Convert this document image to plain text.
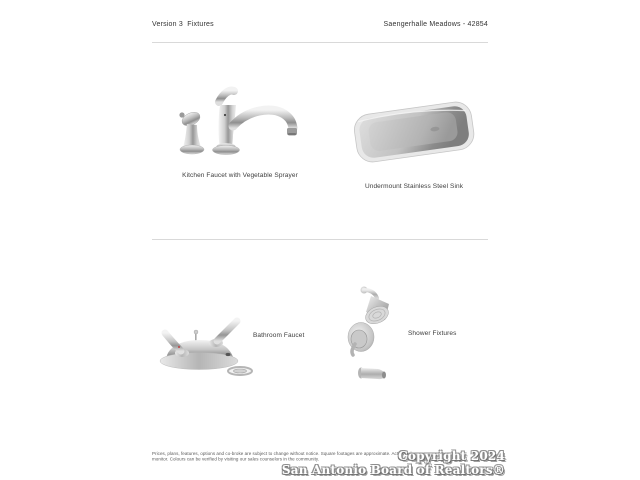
Version 3  Fixtures	Saengerhalle Meadows - 42854
Kitchen Faucet with Vegetable Sprayer
Undermount Stainless Steel Sink
Bathroom Faucet	Shower Fixtures
Prices, plans, features, options and co-broke are subject to change without notice. Square footages are approximate. Actual colors may vary by
monitor. Colours can be verified by visiting our sales counselors in the community.	Copyright 2024
San Antonio Board of Realtors®
